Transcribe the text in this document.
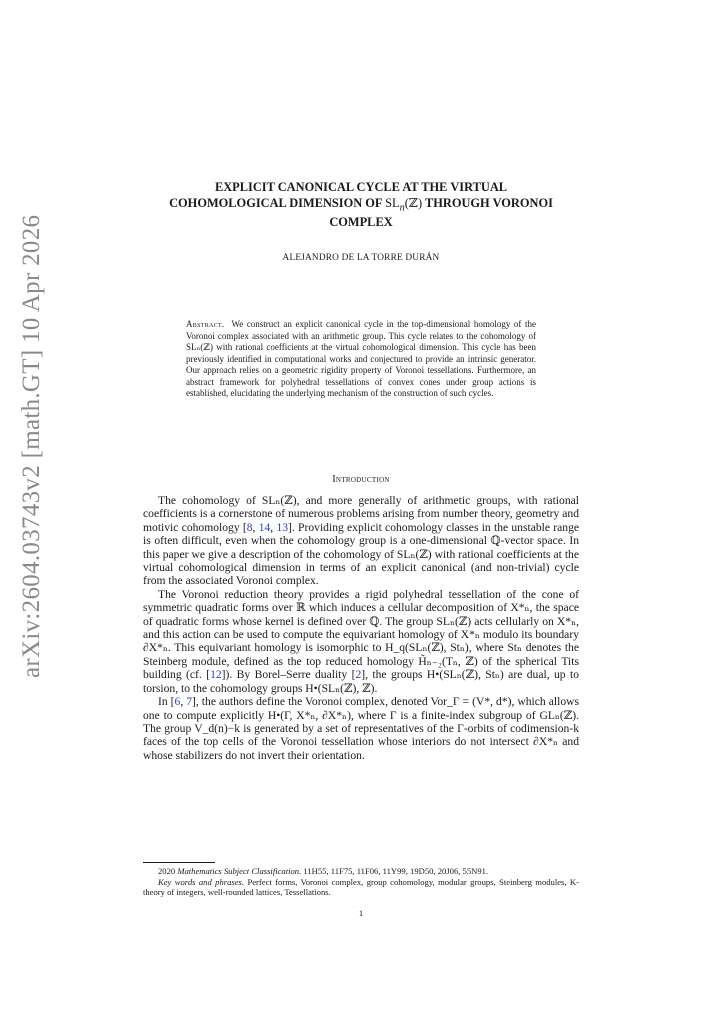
arXiv:2604.03743v2 [math.GT] 10 Apr 2026
EXPLICIT CANONICAL CYCLE AT THE VIRTUAL
COHOMOLOGICAL DIMENSION OF $SL_n(ℤ)$ THROUGH VORONOI
COMPLEX
ALEJANDRO DE LA TORRE DURÁN
Abstract. We construct an explicit canonical cycle in the top-dimensional homology of the Voronoi complex associated with an arithmetic group. This cycle relates to the cohomology of SLₙ(ℤ) with rational coefficients at the virtual cohomological dimension. This cycle has been previously identified in computational works and conjectured to provide an intrinsic generator. Our approach relies on a geometric rigidity property of Voronoi tessellations. Furthermore, an abstract framework for polyhedral tessellations of convex cones under group actions is established, elucidating the underlying mechanism of the construction of such cycles.
Introduction

The cohomology of SLₙ(ℤ), and more generally of arithmetic groups, with rational coefficients is a cornerstone of numerous problems arising from number theory, geometry and motivic cohomology [8, 14, 13]. Providing explicit cohomology classes in the unstable range is often difficult, even when the cohomology group is a one-dimensional ℚ-vector space. In this paper we give a description of the cohomology of SLₙ(ℤ) with rational coefficients at the virtual cohomological dimension in terms of an explicit canonical (and non-trivial) cycle from the associated Voronoi complex.

The Voronoi reduction theory provides a rigid polyhedral tessellation of the cone of symmetric quadratic forms over ℝ which induces a cellular decomposition of X*ₙ, the space of quadratic forms whose kernel is defined over ℚ. The group SLₙ(ℤ) acts cellularly on X*ₙ, and this action can be used to compute the equivariant homology of X*ₙ modulo its boundary ∂X*ₙ. This equivariant homology is isomorphic to H_q(SLₙ(ℤ), Stₙ), where Stₙ denotes the Steinberg module, defined as the top reduced homology H̃ₙ₋₂(Tₙ, ℤ) of the spherical Tits building (cf. [12]). By Borel–Serre duality [2], the groups H•(SLₙ(ℤ), Stₙ) are dual, up to torsion, to the cohomology groups H•(SLₙ(ℤ), ℤ).

In [6, 7], the authors define the Voronoi complex, denoted Vor_Γ = (V*, d*), which allows one to compute explicitly H•(Γ, X*ₙ, ∂X*ₙ), where Γ is a finite-index subgroup of GLₙ(ℤ). The group V_d(n)−k is generated by a set of representatives of the Γ-orbits of codimension-k faces of the top cells of the Voronoi tessellation whose interiors do not intersect ∂X*ₙ and whose stabilizers do not invert their orientation.

2020 Mathematics Subject Classification. 11H55, 11F75, 11F06, 11Y99, 19D50, 20J06, 55N91.

Key words and phrases. Perfect forms, Voronoi complex, group cohomology, modular groups, Steinberg modules, K-theory of integers, well-rounded lattices, Tessellations.

1
